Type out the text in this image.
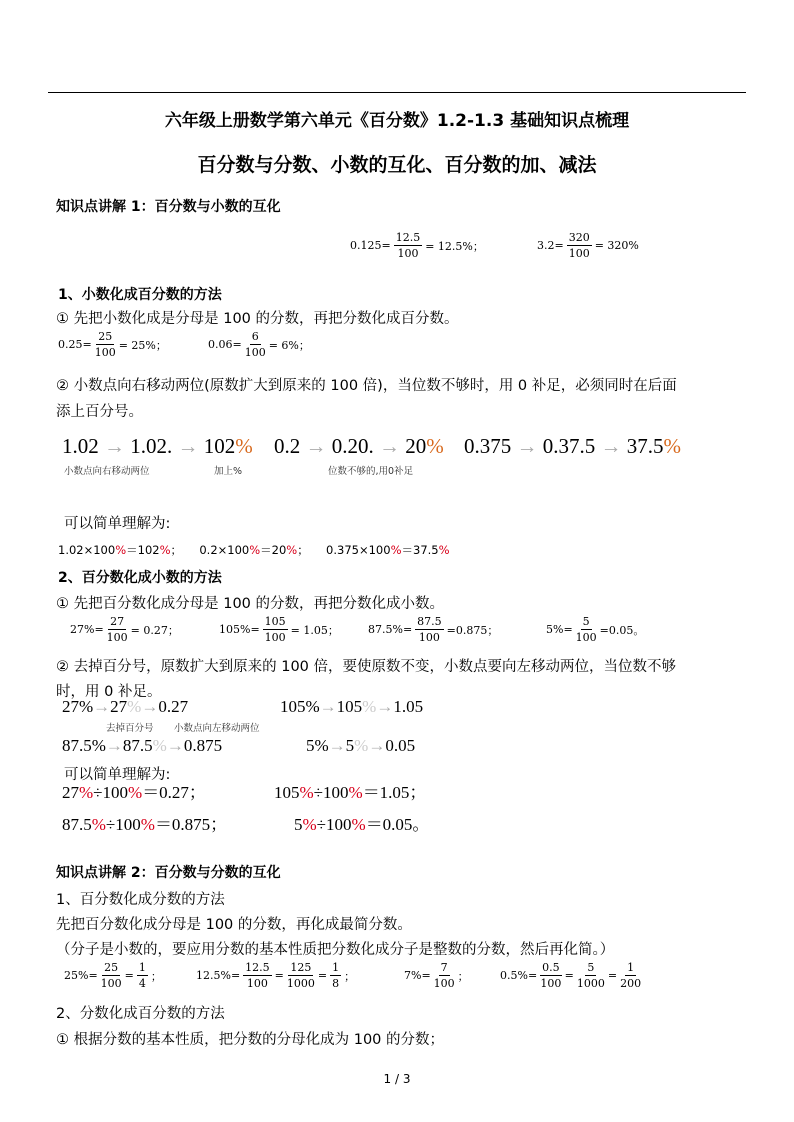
六年级上册数学第六单元《百分数》1.2-1.3 基础知识点梳理
百分数与分数、小数的互化、百分数的加、减法
知识点讲解 1：百分数与小数的互化
$0.125= \frac{12.5}{100} = 12.5\%$；	$3.2= \frac{320}{100} = 320\%$
1、小数化成百分数的方法
① 先把小数化成是分母是 100 的分数，再把分数化成百分数。
$0.25= \frac{25}{100} = 25\%$；	$0.06= \frac{6}{100} = 6\%$；
② 小数点向右移动两位(原数扩大到原来的 100 倍)，当位数不够时，用 0 补足，必须同时在后面
添上百分号。
1.02 → 1.02. → 102% 0.2 → 0.20. → 20% 0.375 → 0.37.5 → 37.5%
小数点向右移动两位	加上%	位数不够的,用0补足
可以简单理解为:
1.02×100%＝102%； 0.2×100%＝20%； 0.375×100%＝37.5%
2、百分数化成小数的方法
① 先把百分数化成分母是 100 的分数，再把分数化成小数。
$27\%= \frac{27}{100} = 0.27$；	$105\%= \frac{105}{100} = 1.05$；	$87.5\%= \frac{87.5}{100} =0.875$；	$5\%= \frac{5}{100} =0.05$。
② 去掉百分号，原数扩大到原来的 100 倍，要使原数不变，小数点要向左移动两位，当位数不够
时，用 0 补足。
27%→27%→0.27	105%→105%→1.05
去掉百分号 小数点向左移动两位
87.5%→87.5%→0.875	5%→5%→0.05
可以简单理解为:
27%÷100%＝0.27；	105%÷100%＝1.05；
87.5%÷100%＝0.875；	5%÷100%＝0.05。
知识点讲解 2：百分数与分数的互化
1、百分数化成分数的方法
先把百分数化成分母是 100 的分数，再化成最简分数。
（分子是小数的，要应用分数的基本性质把分数化成分子是整数的分数，然后再化简。）
$25\%= \frac{25}{100} = \frac{1}{4}$ ；	$12.5\%= \frac{12.5}{100} = \frac{125}{1000} = \frac{1}{8}$ ；	$7\%= \frac{7}{100}$ ；	$0.5\%= \frac{0.5}{100} = \frac{5}{1000} = \frac{1}{200}$
2、分数化成百分数的方法
① 根据分数的基本性质，把分数的分母化成为 100 的分数；
1 / 3
